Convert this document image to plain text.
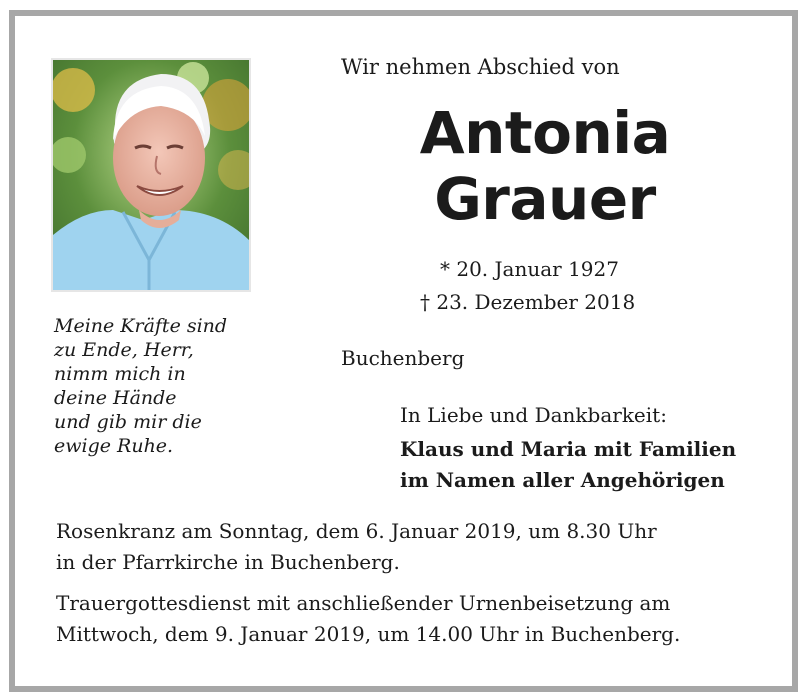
Wir nehmen Abschied von
Antonia
Grauer
* 20. Januar 1927
† 23. Dezember 2018
Buchenberg
Meine Kräfte sind
zu Ende, Herr,
nimm mich in
deine Hände
und gib mir die
ewige Ruhe.
In Liebe und Dankbarkeit:
Klaus und Maria mit Familien
im Namen aller Angehörigen
Rosenkranz am Sonntag, dem 6. Januar 2019, um 8.30 Uhr
in der Pfarrkirche in Buchenberg.
Trauergottesdienst mit anschließender Urnenbeisetzung am
Mittwoch, dem 9. Januar 2019, um 14.00 Uhr in Buchenberg.
